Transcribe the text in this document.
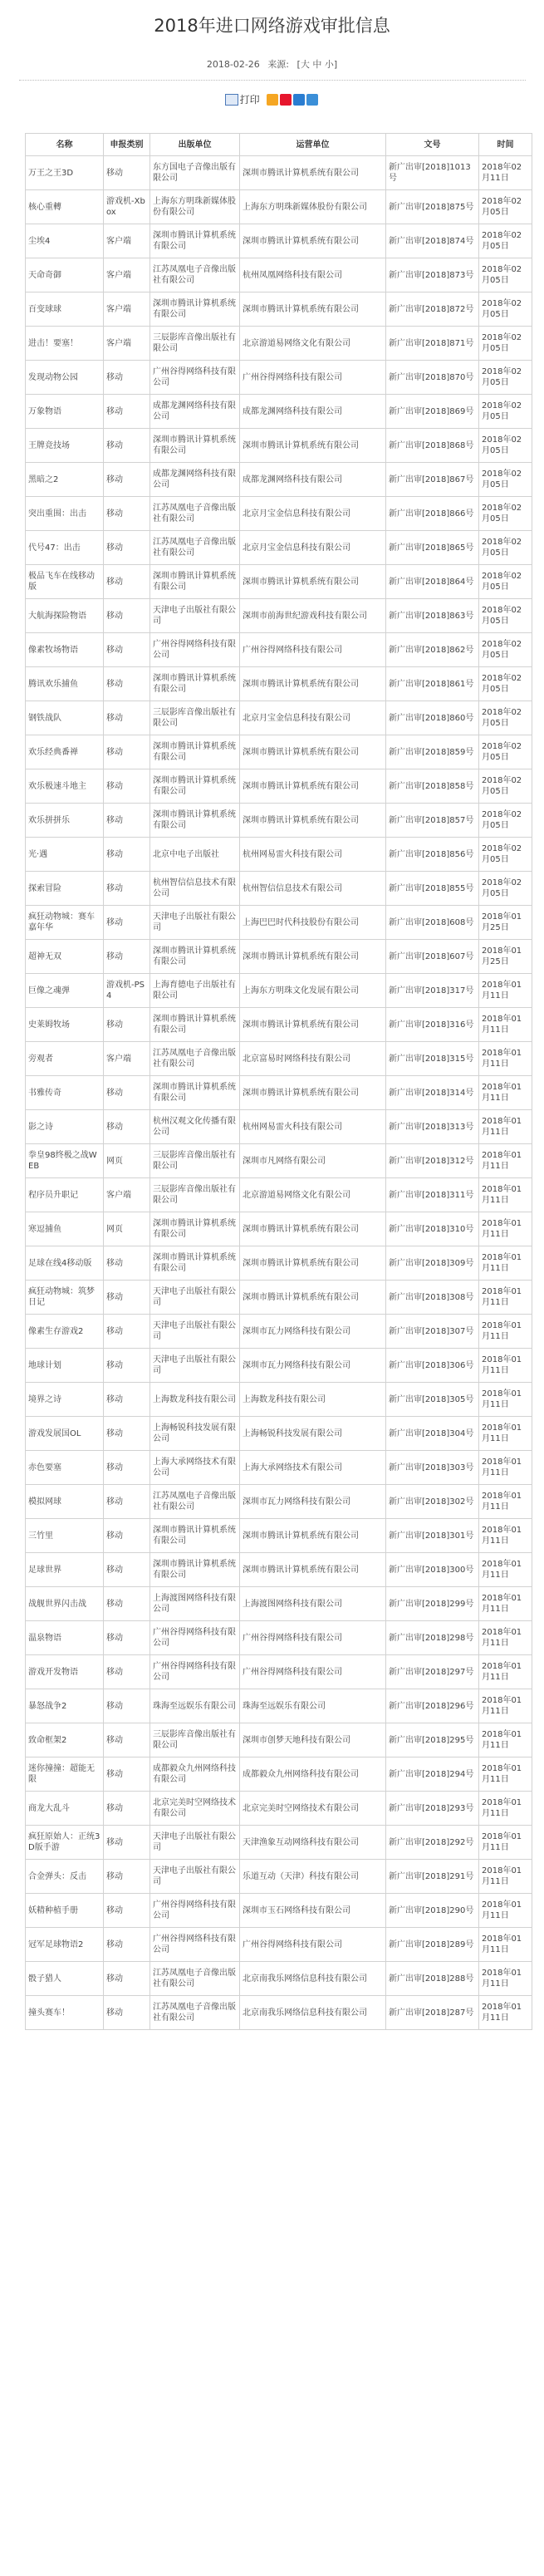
2018年进口网络游戏审批信息
2018-02-26 来源: [大 中 小]
打印
名称	申报类别	出版单位	运营单位	文号	时间
万王之王3D	移动	东方国电子音像出版有限公司	深圳市腾讯计算机系统有限公司	新广出审[2018]1013号	2018年02月11日
核心重轉	游戏机-Xbox	上海东方明珠新媒体股份有限公司	上海东方明珠新媒体股份有限公司	新广出审[2018]875号	2018年02月05日
尘埃4	客户端	深圳市腾讯计算机系统有限公司	深圳市腾讯计算机系统有限公司	新广出审[2018]874号	2018年02月05日
天命奇御	客户端	江苏凤凰电子音像出版社有限公司	杭州凤凰网络科技有限公司	新广出审[2018]873号	2018年02月05日
百变球球	客户端	深圳市腾讯计算机系统有限公司	深圳市腾讯计算机系统有限公司	新广出审[2018]872号	2018年02月05日
进击！要塞！	客户端	三辰影库音像出版社有限公司	北京游道易网络文化有限公司	新广出审[2018]871号	2018年02月05日
发现动物公园	移动	广州谷得网络科技有限公司	广州谷得网络科技有限公司	新广出审[2018]870号	2018年02月05日
万象物语	移动	成都龙渊网络科技有限公司	成都龙渊网络科技有限公司	新广出审[2018]869号	2018年02月05日
王牌竞技场	移动	深圳市腾讯计算机系统有限公司	深圳市腾讯计算机系统有限公司	新广出审[2018]868号	2018年02月05日
黑暗之2	移动	成都龙渊网络科技有限公司	成都龙渊网络科技有限公司	新广出审[2018]867号	2018年02月05日
突出重围：出击	移动	江苏凤凰电子音像出版社有限公司	北京月宝金信息科技有限公司	新广出审[2018]866号	2018年02月05日
代号47：出击	移动	江苏凤凰电子音像出版社有限公司	北京月宝金信息科技有限公司	新广出审[2018]865号	2018年02月05日
极品飞车在线移动版	移动	深圳市腾讯计算机系统有限公司	深圳市腾讯计算机系统有限公司	新广出审[2018]864号	2018年02月05日
大航海探险物语	移动	天津电子出版社有限公司	深圳市前海世纪游戏科技有限公司	新广出审[2018]863号	2018年02月05日
像素牧场物语	移动	广州谷得网络科技有限公司	广州谷得网络科技有限公司	新广出审[2018]862号	2018年02月05日
腾讯欢乐捕鱼	移动	深圳市腾讯计算机系统有限公司	深圳市腾讯计算机系统有限公司	新广出审[2018]861号	2018年02月05日
钢铁战队	移动	三辰影库音像出版社有限公司	北京月宝金信息科技有限公司	新广出审[2018]860号	2018年02月05日
欢乐经典番禅	移动	深圳市腾讯计算机系统有限公司	深圳市腾讯计算机系统有限公司	新广出审[2018]859号	2018年02月05日
欢乐极速斗地主	移动	深圳市腾讯计算机系统有限公司	深圳市腾讯计算机系统有限公司	新广出审[2018]858号	2018年02月05日
欢乐拼拼乐	移动	深圳市腾讯计算机系统有限公司	深圳市腾讯计算机系统有限公司	新广出审[2018]857号	2018年02月05日
光·遇	移动	北京中电子出版社	杭州网易雷火科技有限公司	新广出审[2018]856号	2018年02月05日
探索冒险	移动	杭州智信信息技术有限公司	杭州智信信息技术有限公司	新广出审[2018]855号	2018年02月05日
疯狂动物城：赛车嘉年华	移动	天津电子出版社有限公司	上海巴巴时代科技股份有限公司	新广出审[2018]608号	2018年01月25日
超神无双	移动	深圳市腾讯计算机系统有限公司	深圳市腾讯计算机系统有限公司	新广出审[2018]607号	2018年01月25日
巨像之魂弹	游戏机-PS4	上海育德电子出版社有限公司	上海东方明珠文化发展有限公司	新广出审[2018]317号	2018年01月11日
史莱姆牧场	移动	深圳市腾讯计算机系统有限公司	深圳市腾讯计算机系统有限公司	新广出审[2018]316号	2018年01月11日
旁观者	客户端	江苏凤凰电子音像出版社有限公司	北京富易时网络科技有限公司	新广出审[2018]315号	2018年01月11日
书雅传奇	移动	深圳市腾讯计算机系统有限公司	深圳市腾讯计算机系统有限公司	新广出审[2018]314号	2018年01月11日
影之诗	移动	杭州汉观文化传播有限公司	杭州网易雷火科技有限公司	新广出审[2018]313号	2018年01月11日
拳皇98终极之战WEB	网页	三辰影库音像出版社有限公司	深圳市凡网络有限公司	新广出审[2018]312号	2018年01月11日
程序员升职记	客户端	三辰影库音像出版社有限公司	北京游道易网络文化有限公司	新广出审[2018]311号	2018年01月11日
寒逗捕鱼	网页	深圳市腾讯计算机系统有限公司	深圳市腾讯计算机系统有限公司	新广出审[2018]310号	2018年01月11日
足球在线4移动版	移动	深圳市腾讯计算机系统有限公司	深圳市腾讯计算机系统有限公司	新广出审[2018]309号	2018年01月11日
疯狂动物城：筑梦日记	移动	天津电子出版社有限公司	深圳市腾讯计算机系统有限公司	新广出审[2018]308号	2018年01月11日
像素生存游戏2	移动	天津电子出版社有限公司	深圳市瓦力网络科技有限公司	新广出审[2018]307号	2018年01月11日
地球计划	移动	天津电子出版社有限公司	深圳市瓦力网络科技有限公司	新广出审[2018]306号	2018年01月11日
境界之诗	移动	上海数龙科技有限公司	上海数龙科技有限公司	新广出审[2018]305号	2018年01月11日
游戏发展国OL	移动	上海畅锐科技发展有限公司	上海畅锐科技发展有限公司	新广出审[2018]304号	2018年01月11日
赤色要塞	移动	上海大承网络技术有限公司	上海大承网络技术有限公司	新广出审[2018]303号	2018年01月11日
模拟网球	移动	江苏凤凰电子音像出版社有限公司	深圳市瓦力网络科技有限公司	新广出审[2018]302号	2018年01月11日
三竹里	移动	深圳市腾讯计算机系统有限公司	深圳市腾讯计算机系统有限公司	新广出审[2018]301号	2018年01月11日
足球世界	移动	深圳市腾讯计算机系统有限公司	深圳市腾讯计算机系统有限公司	新广出审[2018]300号	2018年01月11日
战舰世界闪击战	移动	上海渡图网络科技有限公司	上海渡图网络科技有限公司	新广出审[2018]299号	2018年01月11日
温泉物语	移动	广州谷得网络科技有限公司	广州谷得网络科技有限公司	新广出审[2018]298号	2018年01月11日
游戏开发物语	移动	广州谷得网络科技有限公司	广州谷得网络科技有限公司	新广出审[2018]297号	2018年01月11日
暴怒战争2	移动	珠海至远娱乐有限公司	珠海至远娱乐有限公司	新广出审[2018]296号	2018年01月11日
致命框架2	移动	三辰影库音像出版社有限公司	深圳市创梦天地科技有限公司	新广出审[2018]295号	2018年01月11日
迷你撞撞：超能无限	移动	成都毅众九州网络科技有限公司	成都毅众九州网络科技有限公司	新广出审[2018]294号	2018年01月11日
商龙大乱斗	移动	北京完美时空网络技术有限公司	北京完美时空网络技术有限公司	新广出审[2018]293号	2018年01月11日
疯狂原始人：正统3D版手游	移动	天津电子出版社有限公司	天津渔象互动网络科技有限公司	新广出审[2018]292号	2018年01月11日
合金弹头：反击	移动	天津电子出版社有限公司	乐道互动（天津）科技有限公司	新广出审[2018]291号	2018年01月11日
妖精种植手册	移动	广州谷得网络科技有限公司	深圳市玉石网络科技有限公司	新广出审[2018]290号	2018年01月11日
冠军足球物语2	移动	广州谷得网络科技有限公司	广州谷得网络科技有限公司	新广出审[2018]289号	2018年01月11日
骰子猎人	移动	江苏凤凰电子音像出版社有限公司	北京南我乐网络信息科技有限公司	新广出审[2018]288号	2018年01月11日
撞头赛车！	移动	江苏凤凰电子音像出版社有限公司	北京南我乐网络信息科技有限公司	新广出审[2018]287号	2018年01月11日
